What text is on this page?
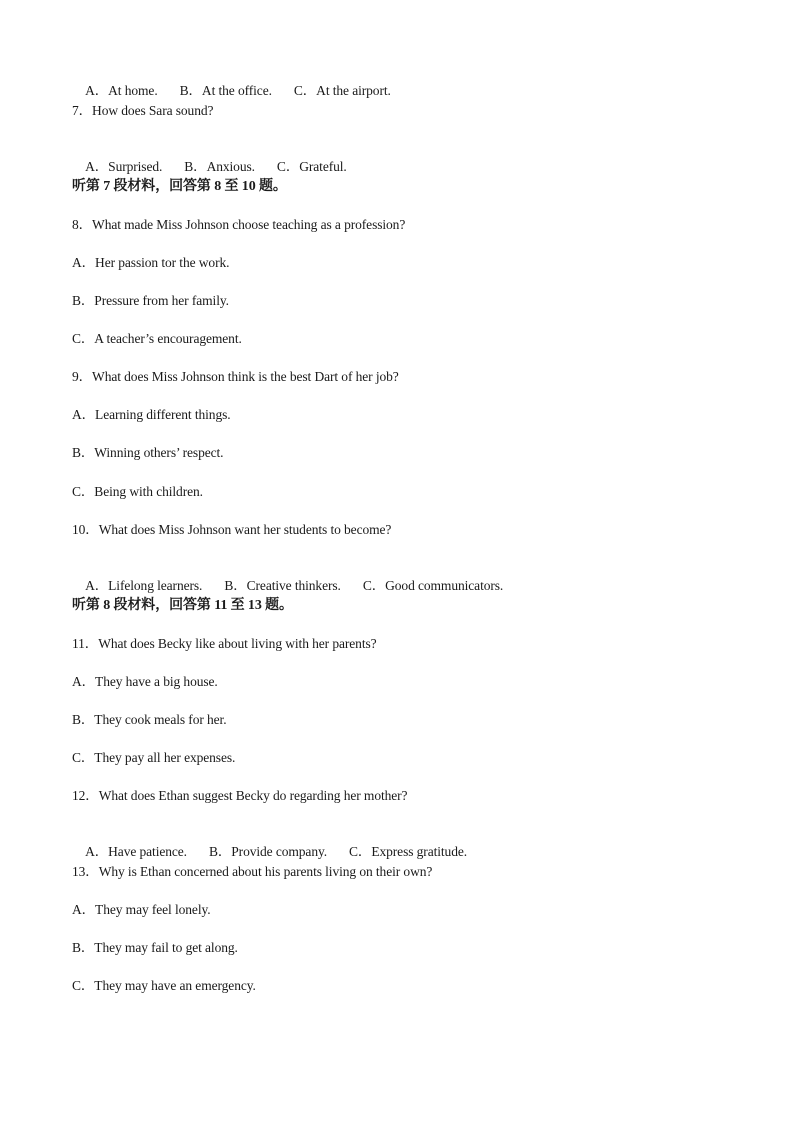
A．At home. B．At the office. C．At the airport.

7．How does Sara sound?

A．Surprised. B．Anxious. C．Grateful.

听第 7 段材料，回答第 8 至 10 题。
8．What made Miss Johnson choose teaching as a profession?
A．Her passion tor the work.
B．Pressure from her family.
C．A teacher’s encouragement.
9．What does Miss Johnson think is the best Dart of her job?
A．Learning different things.
B．Winning others’ respect.
C．Being with children.
10．What does Miss Johnson want her students to become?

A．Lifelong learners. B．Creative thinkers. C．Good communicators.

听第 8 段材料，回答第 11 至 13 题。
11．What does Becky like about living with her parents?
A．They have a big house.
B．They cook meals for her.
C．They pay all her expenses.
12．What does Ethan suggest Becky do regarding her mother?

A．Have patience. B．Provide company. C．Express gratitude.

13．Why is Ethan concerned about his parents living on their own?
A．They may feel lonely.
B．They may fail to get along.
C．They may have an emergency.
